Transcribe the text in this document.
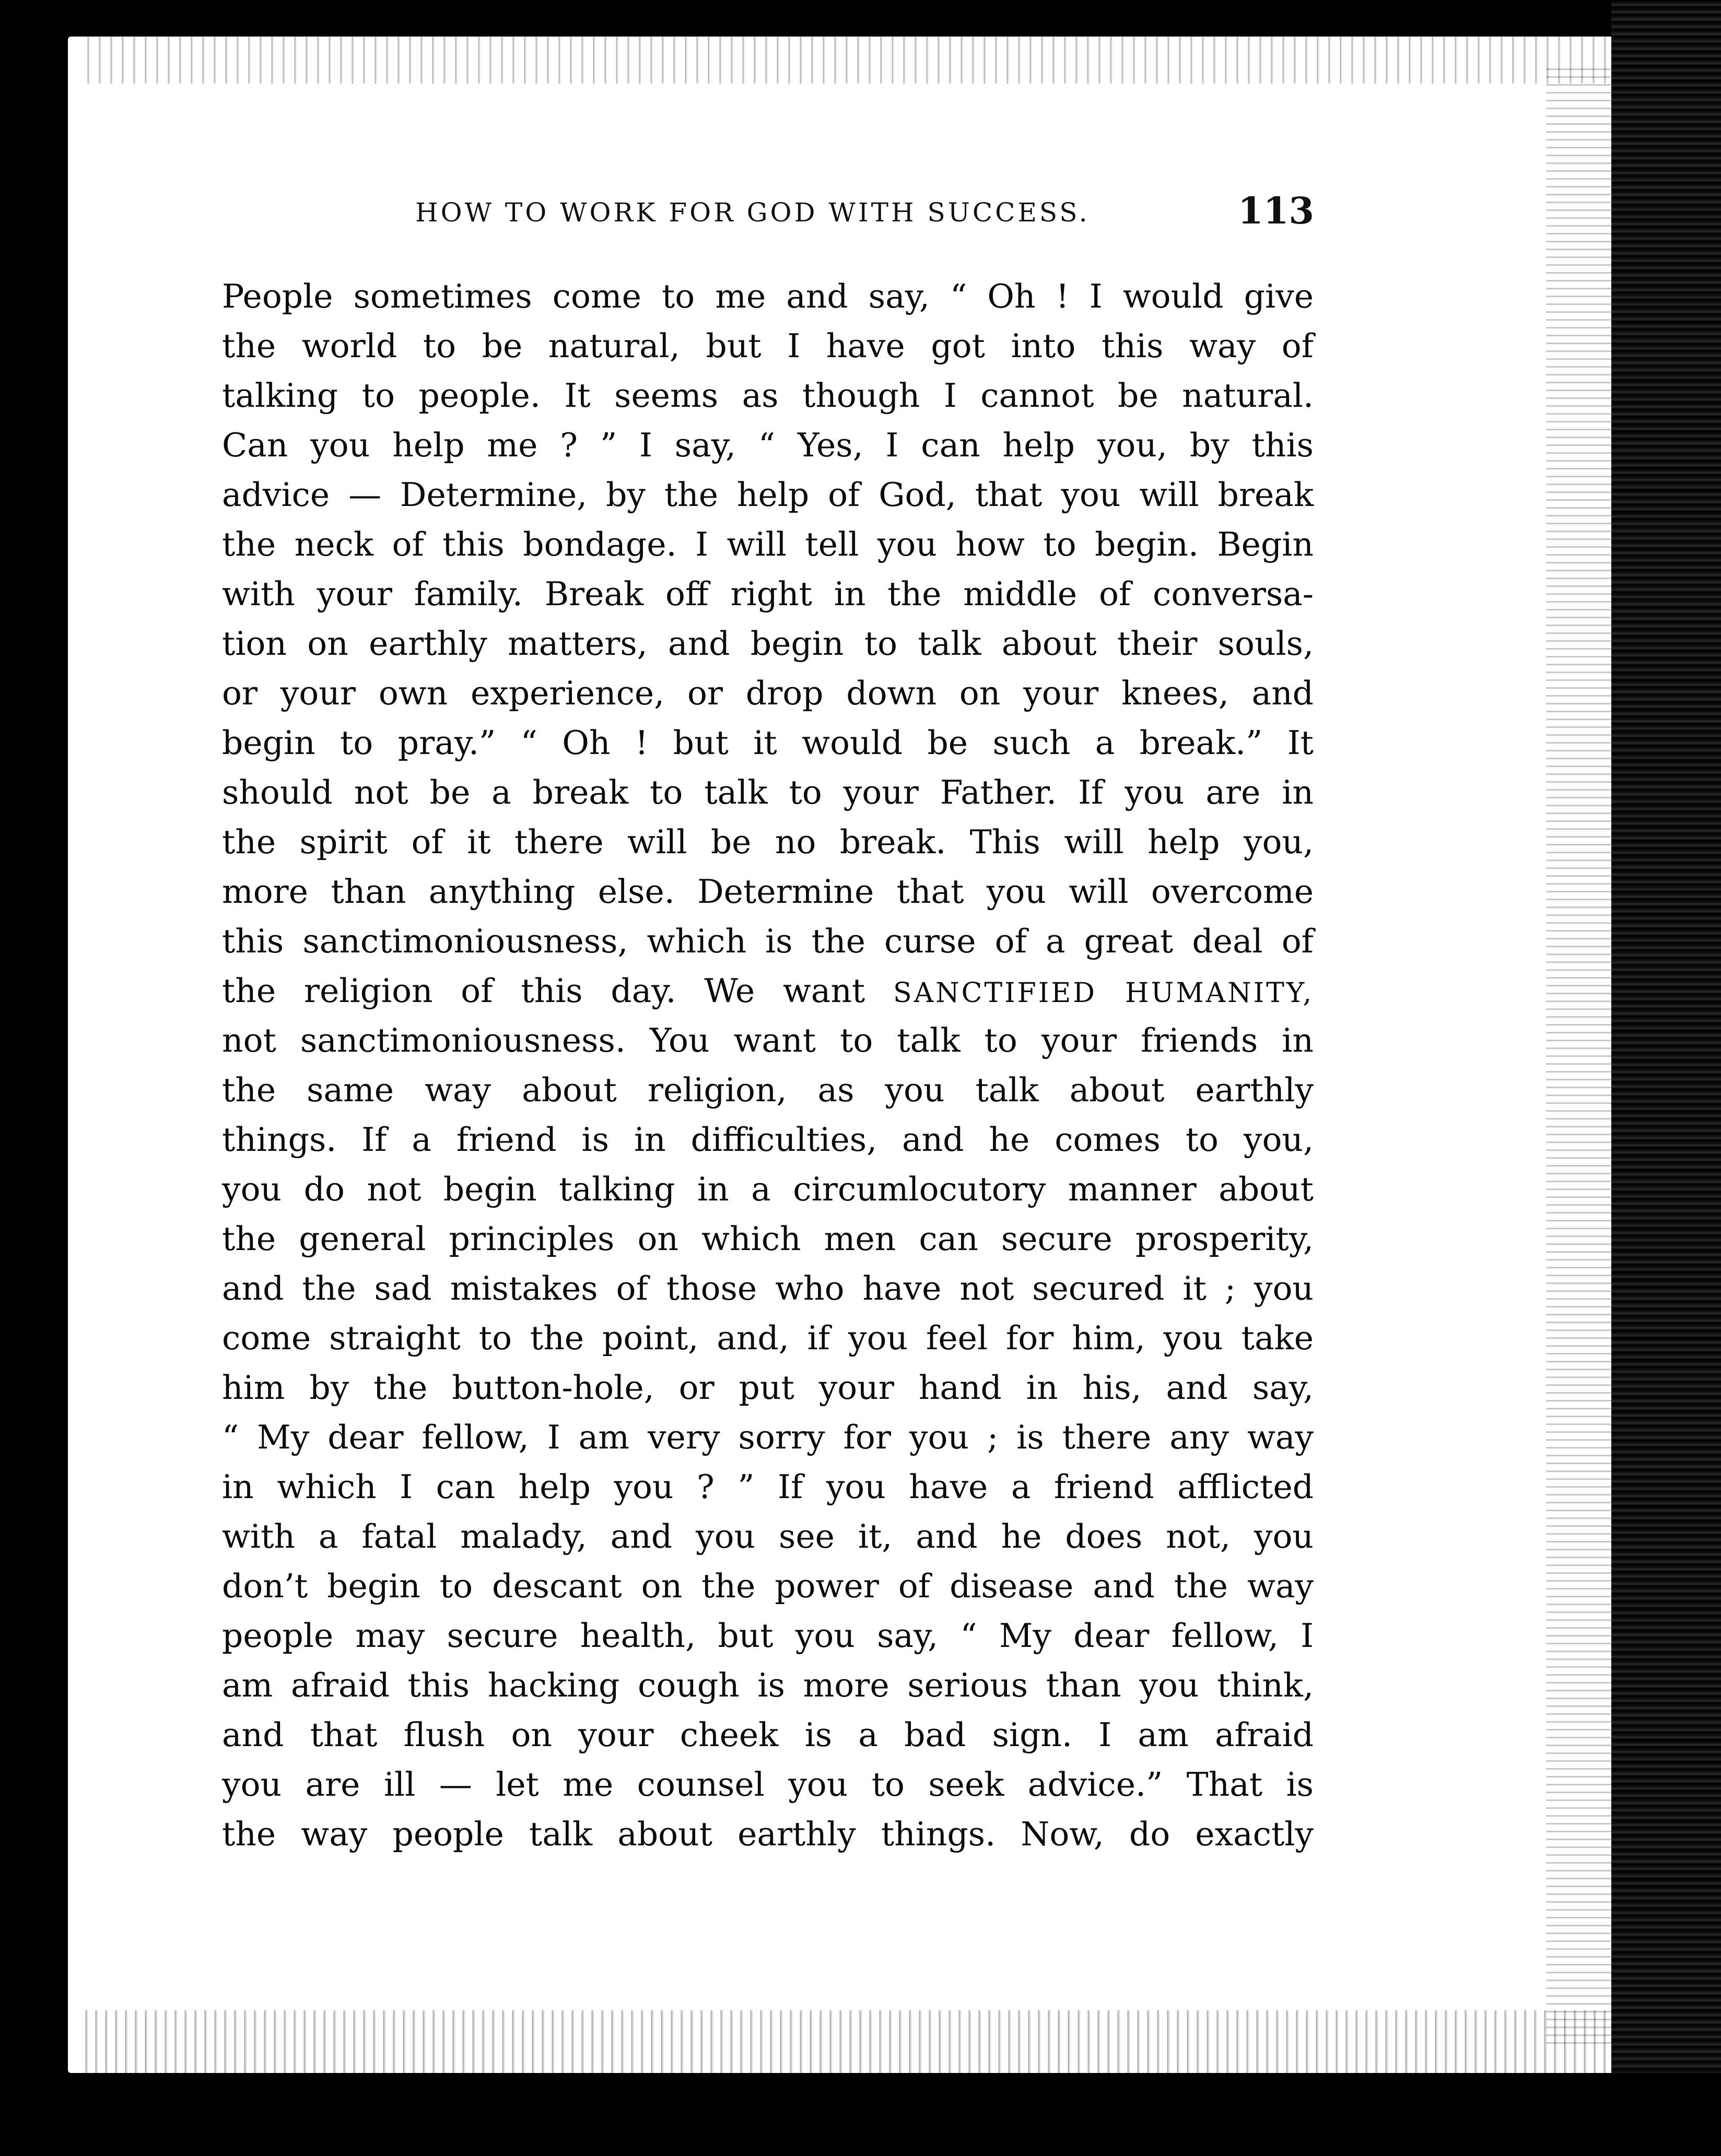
HOW TO WORK FOR GOD WITH SUCCESS.	113
People sometimes come to me and say, “ Oh ! I would give
the world to be natural, but I have got into this way of
talking to people. It seems as though I cannot be natural.
Can you help me ? ” I say, “ Yes, I can help you, by this
advice — Determine, by the help of God, that you will break
the neck of this bondage. I will tell you how to begin. Begin
with your family. Break off right in the middle of conversa-
tion on earthly matters, and begin to talk about their souls,
or your own experience, or drop down on your knees, and
begin to pray.” “ Oh ! but it would be such a break.” It
should not be a break to talk to your Father. If you are in
the spirit of it there will be no break. This will help you,
more than anything else. Determine that you will overcome
this sanctimoniousness, which is the curse of a great deal of
the religion of this day. We want SANCTIFIED HUMANITY,
not sanctimoniousness. You want to talk to your friends in
the same way about religion, as you talk about earthly
things. If a friend is in difficulties, and he comes to you,
you do not begin talking in a circumlocutory manner about
the general principles on which men can secure prosperity,
and the sad mistakes of those who have not secured it ; you
come straight to the point, and, if you feel for him, you take
him by the button-hole, or put your hand in his, and say,
“ My dear fellow, I am very sorry for you ; is there any way
in which I can help you ? ” If you have a friend afflicted
with a fatal malady, and you see it, and he does not, you
don’t begin to descant on the power of disease and the way
people may secure health, but you say, “ My dear fellow, I
am afraid this hacking cough is more serious than you think,
and that flush on your cheek is a bad sign. I am afraid
you are ill — let me counsel you to seek advice.” That is
the way people talk about earthly things. Now, do exactly
